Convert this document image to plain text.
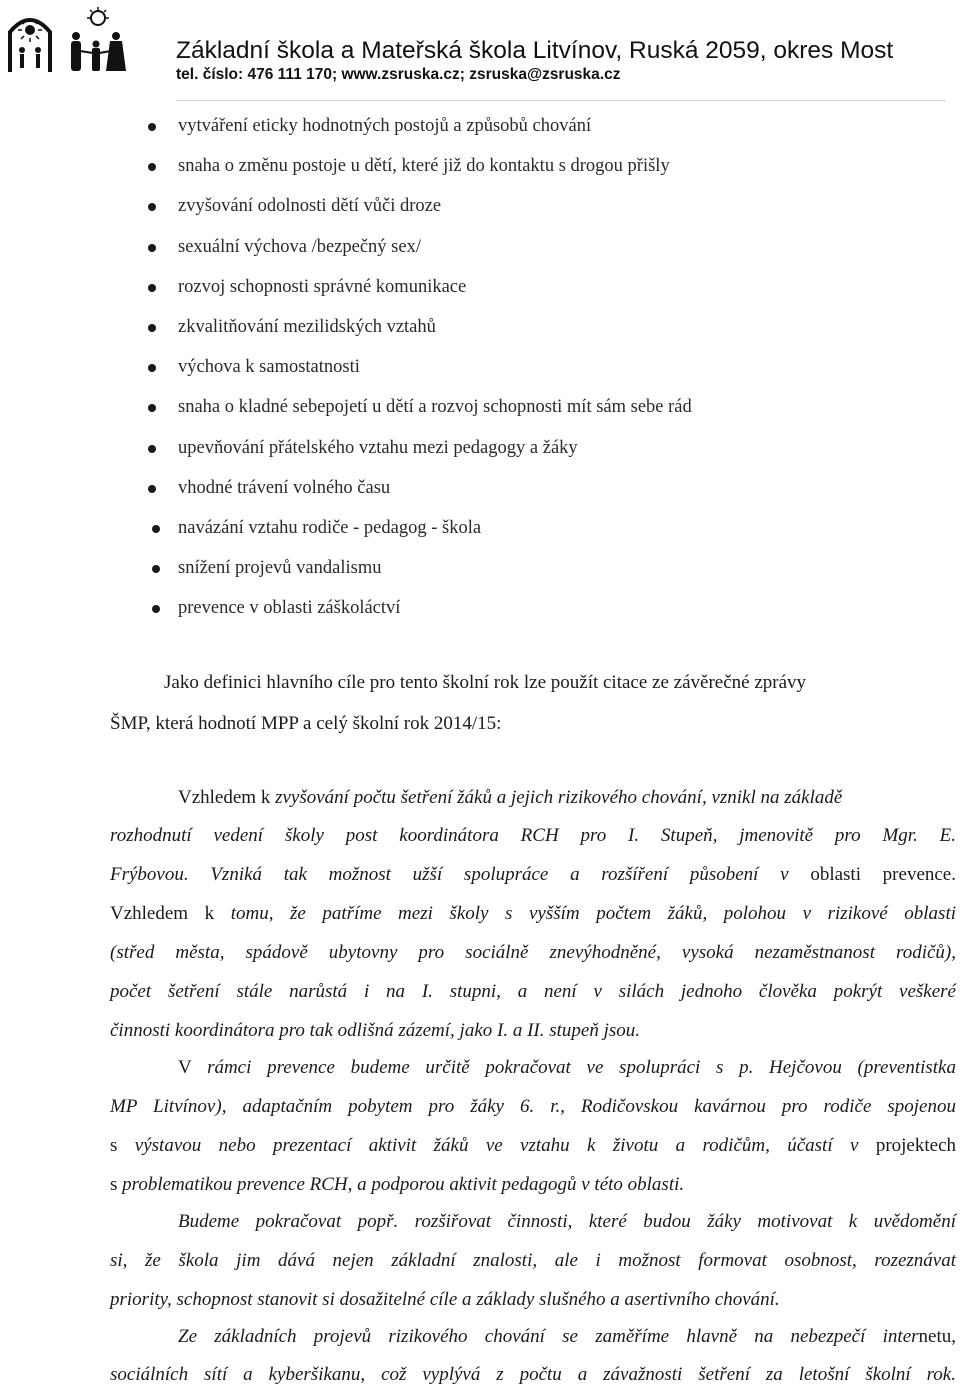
Základní škola a Mateřská škola Litvínov, Ruská 2059, okres Most
tel. číslo: 476 111 170; www.zsruska.cz; zsruska@zsruska.cz
vytváření eticky hodnotných postojů a způsobů chování
snaha o změnu postoje u dětí, které již do kontaktu s drogou přišly
zvyšování odolnosti dětí vůči droze
sexuální výchova /bezpečný sex/
rozvoj schopnosti správné komunikace
zkvalitňování mezilidských vztahů
výchova k samostatnosti
snaha o kladné sebepojetí u dětí a rozvoj schopnosti mít sám sebe rád
upevňování přátelského vztahu mezi pedagogy a žáky
vhodné trávení volného času
navázání vztahu rodiče - pedagog - škola
snížení projevů vandalismu
prevence v oblasti záškoláctví
Jako definici hlavního cíle pro tento školní rok lze použít citace ze závěrečné zprávy
ŠMP, která hodnotí MPP a celý školní rok 2014/15:
Vzhledem k zvyšování počtu šetření žáků a jejich rizikového chování, vznikl na základě
rozhodnutí vedení školy post koordinátora RCH pro I. Stupeň, jmenovitě pro Mgr. E.
Frýbovou. Vzniká tak možnost užší spolupráce a rozšíření působení v oblasti prevence.
Vzhledem k tomu, že patříme mezi školy s vyšším počtem žáků, polohou v rizikové oblasti
(střed města, spádově ubytovny pro sociálně znevýhodněné, vysoká nezaměstnanost rodičů),
počet šetření stále narůstá i na I. stupni, a není v silách jednoho člověka pokrýt veškeré
činnosti koordinátora pro tak odlišná zázemí, jako I. a II. stupeň jsou.
V rámci prevence budeme určitě pokračovat ve spolupráci s p. Hejčovou (preventistka
MP Litvínov), adaptačním pobytem pro žáky 6. r., Rodičovskou kavárnou pro rodiče spojenou
s výstavou nebo prezentací aktivit žáků ve vztahu k životu a rodičům, účastí v projektech
s problematikou prevence RCH, a podporou aktivit pedagogů v této oblasti.
Budeme pokračovat popř. rozšiřovat činnosti, které budou žáky motivovat k uvědomění
si, že škola jim dává nejen základní znalosti, ale i možnost formovat osobnost, rozeznávat
priority, schopnost stanovit si dosažitelné cíle a základy slušného a asertivního chování.
Ze základních projevů rizikového chování se zaměříme hlavně na nebezpečí internetu,
sociálních sítí a kyberšikanu, což vyplývá z počtu a závažnosti šetření za letošní školní rok.
